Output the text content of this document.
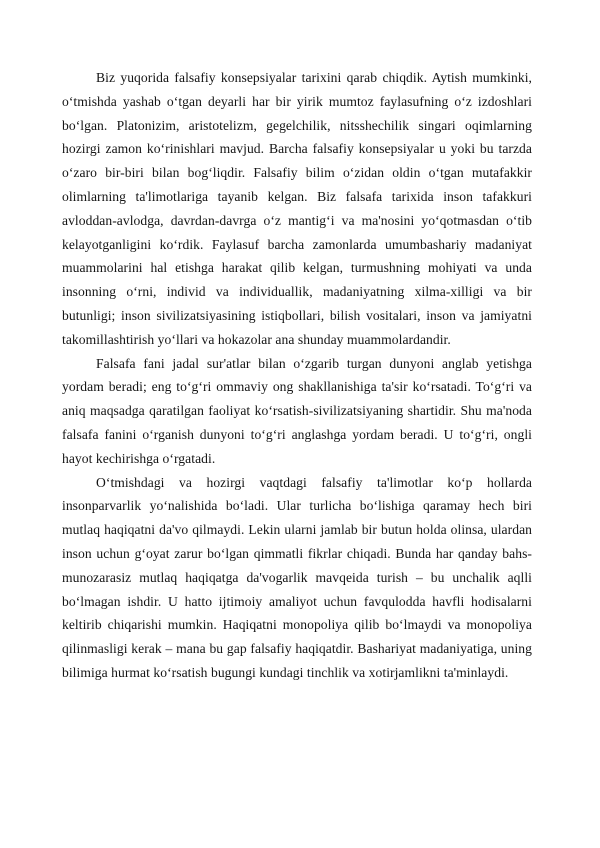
Biz yuqorida falsafiy konsepsiyalar tarixini qarab chiqdik. Aytish mumkinki, o‘tmishda yashab o‘tgan deyarli har bir yirik mumtoz faylasufning o‘z izdoshlari bo‘lgan. Platonizim, aristotelizm, gegelchilik, nitsshechilik singari oqimlarning hozirgi zamon ko‘rinishlari mavjud. Barcha falsafiy konsepsiyalar u yoki bu tarzda o‘zaro bir-biri bilan bog‘liqdir. Falsafiy bilim o‘zidan oldin o‘tgan mutafakkir olimlarning ta'limotlariga tayanib kelgan. Biz falsafa tarixida inson tafakkuri avloddan-avlodga, davrdan-davrga o‘z mantig‘i va ma'nosini yo‘qotmasdan o‘tib kelayotganligini ko‘rdik. Faylasuf barcha zamonlarda umumbashariy madaniyat muammolarini hal etishga harakat qilib kelgan, turmushning mohiyati va unda insonning o‘rni, individ va individuallik, madaniyatning xilma-xilligi va bir butunligi; inson sivilizatsiyasining istiqbollari, bilish vositalari, inson va jamiyatni takomillashtirish yo‘llari va hokazolar ana shunday muammolardandir.

Falsafa fani jadal sur'atlar bilan o‘zgarib turgan dunyoni anglab yetishga yordam beradi; eng to‘g‘ri ommaviy ong shakllanishiga ta'sir ko‘rsatadi. To‘g‘ri va aniq maqsadga qaratilgan faoliyat ko‘rsatish-sivilizatsiyaning shartidir. Shu ma'noda falsafa fanini o‘rganish dunyoni to‘g‘ri anglashga yordam beradi. U to‘g‘ri, ongli hayot kechirishga o‘rgatadi.

O‘tmishdagi va hozirgi vaqtdagi falsafiy ta'limotlar ko‘p hollarda insonparvarlik yo‘nalishida bo‘ladi. Ular turlicha bo‘lishiga qaramay hech biri mutlaq haqiqatni da'vo qilmaydi. Lekin ularni jamlab bir butun holda olinsa, ulardan inson uchun g‘oyat zarur bo‘lgan qimmatli fikrlar chiqadi. Bunda har qanday bahs-munozarasiz mutlaq haqiqatga da'vogarlik mavqeida turish – bu unchalik aqlli bo‘lmagan ishdir. U hatto ijtimoiy amaliyot uchun favqulodda havfli hodisalarni keltirib chiqarishi mumkin. Haqiqatni monopoliya qilib bo‘lmaydi va monopoliya qilinmasligi kerak – mana bu gap falsafiy haqiqatdir. Bashariyat madaniyatiga, uning bilimiga hurmat ko‘rsatish bugungi kundagi tinchlik va xotirjamlikni ta'minlaydi.
